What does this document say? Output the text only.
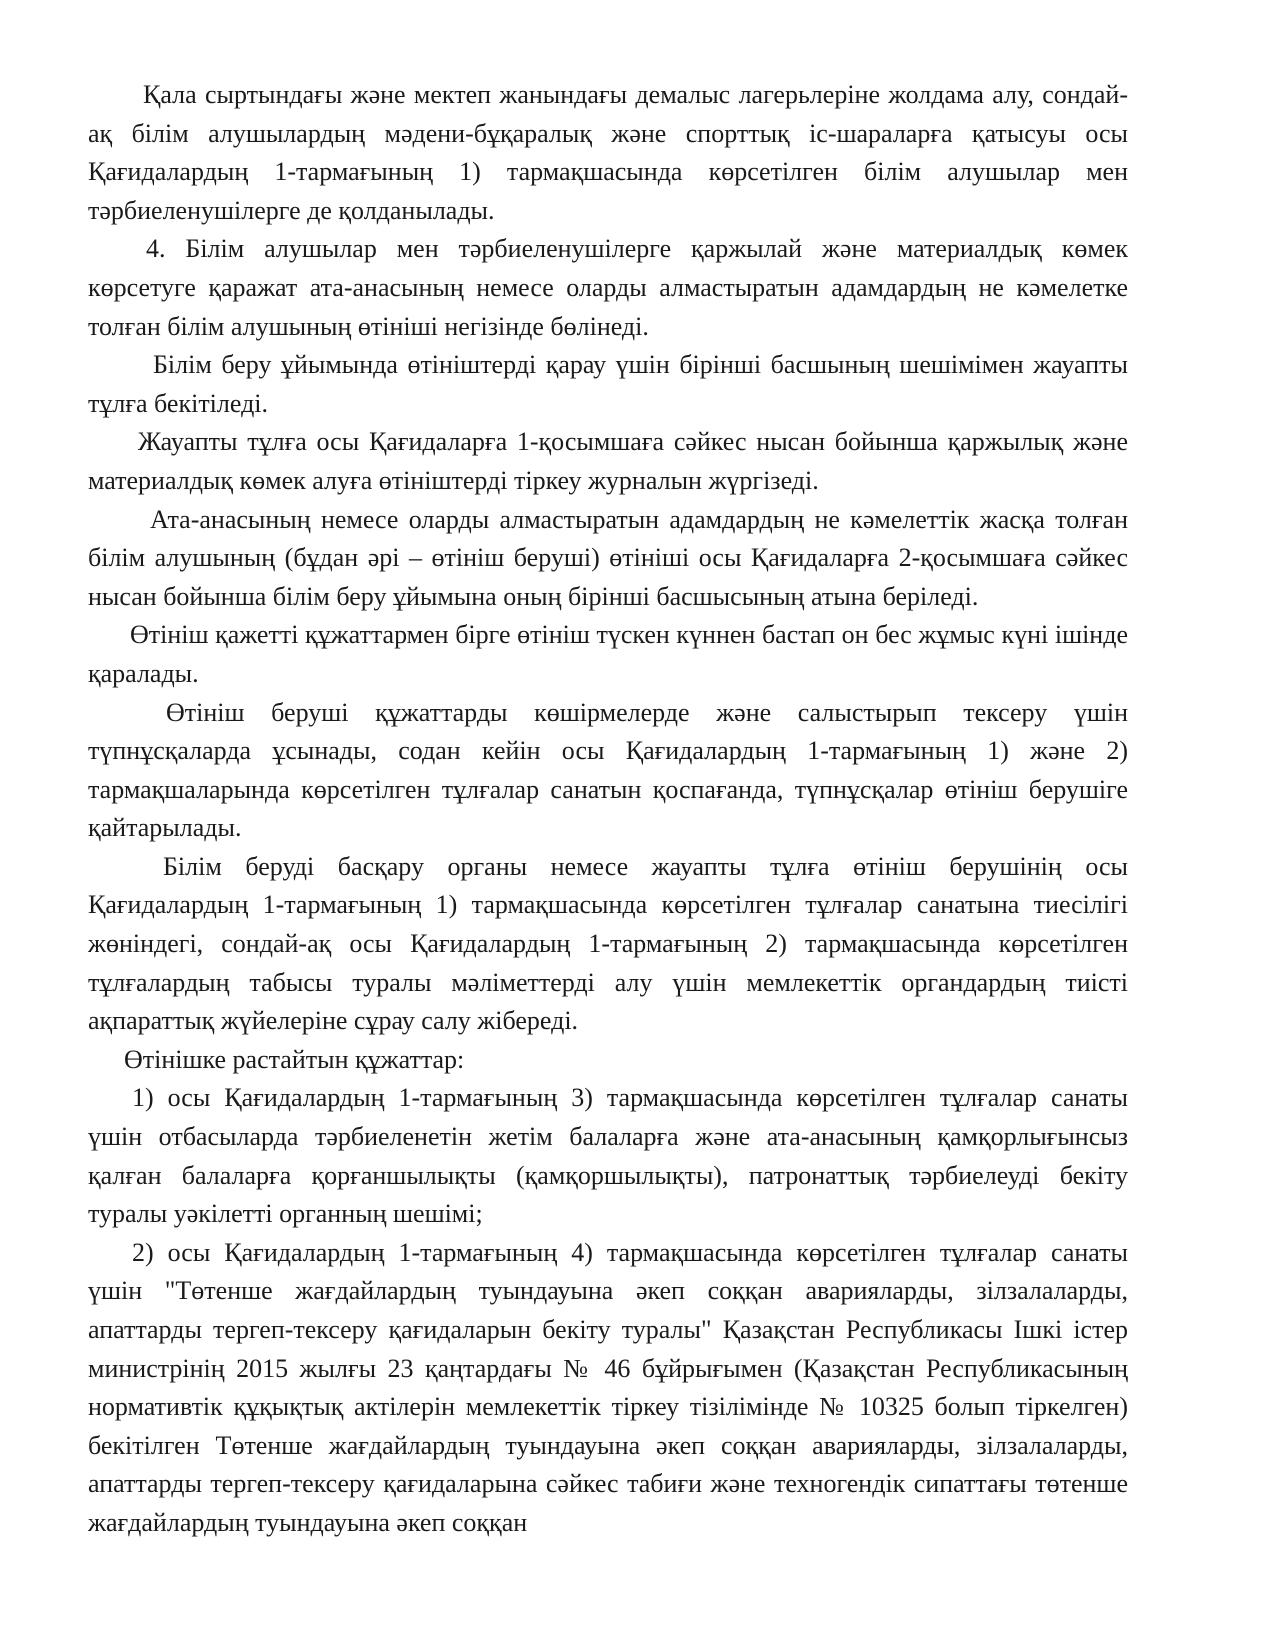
Қала сыртындағы және мектеп жанындағы демалыс лагерьлеріне жолдама алу, сондай-ақ білім алушылардың мәдени-бұқаралық және спорттық іс-шараларға қатысуы осы Қағидалардың 1-тармағының 1) тармақшасында көрсетілген білім алушылар мен тәрбиеленушілерге де қолданылады.

4. Білім алушылар мен тәрбиеленушілерге қаржылай және материалдық көмек көрсетуге қаражат ата-анасының немесе оларды алмастыратын адамдардың не кәмелетке толған білім алушының өтініші негізінде бөлінеді.

Білім беру ұйымында өтініштерді қарау үшін бірінші басшының шешімімен жауапты тұлға бекітіледі.

Жауапты тұлға осы Қағидаларға 1-қосымшаға сәйкес нысан бойынша қаржылық және материалдық көмек алуға өтініштерді тіркеу журналын жүргізеді.

Ата-анасының немесе оларды алмастыратын адамдардың не кәмелеттік жасқа толған білім алушының (бұдан әрі – өтініш беруші) өтініші осы Қағидаларға 2-қосымшаға сәйкес нысан бойынша білім беру ұйымына оның бірінші басшысының атына беріледі.

Өтініш қажетті құжаттармен бірге өтініш түскен күннен бастап он бес жұмыс күні ішінде қаралады.

Өтініш беруші құжаттарды көшірмелерде және салыстырып тексеру үшін түпнұсқаларда ұсынады, содан кейін осы Қағидалардың 1-тармағының 1) және 2) тармақшаларында көрсетілген тұлғалар санатын қоспағанда, түпнұсқалар өтініш берушіге қайтарылады.

Білім беруді басқару органы немесе жауапты тұлға өтініш берушінің осы Қағидалардың 1-тармағының 1) тармақшасында көрсетілген тұлғалар санатына тиесілігі жөніндегі, сондай-ақ осы Қағидалардың 1-тармағының 2) тармақшасында көрсетілген тұлғалардың табысы туралы мәліметтерді алу үшін мемлекеттік органдардың тиісті ақпараттық жүйелеріне сұрау салу жібереді.

Өтінішке растайтын құжаттар:

1) осы Қағидалардың 1-тармағының 3) тармақшасында көрсетілген тұлғалар санаты үшін отбасыларда тәрбиеленетін жетім балаларға және ата-анасының қамқорлығынсыз қалған балаларға қорғаншылықты (қамқоршылықты), патронаттық тәрбиелеуді бекіту туралы уәкілетті органның шешімі;

2) осы Қағидалардың 1-тармағының 4) тармақшасында көрсетілген тұлғалар санаты үшін "Төтенше жағдайлардың туындауына әкеп соққан аварияларды, зілзалаларды, апаттарды тергеп-тексеру қағидаларын бекіту туралы" Қазақстан Республикасы Ішкі істер министрінің 2015 жылғы 23 қаңтардағы № 46 бұйрығымен (Қазақстан Республикасының нормативтік құқықтық актілерін мемлекеттік тіркеу тізілімінде № 10325 болып тіркелген) бекітілген Төтенше жағдайлардың туындауына әкеп соққан аварияларды, зілзалаларды, апаттарды тергеп-тексеру қағидаларына сәйкес табиғи және техногендік сипаттағы төтенше жағдайлардың туындауына әкеп соққан
